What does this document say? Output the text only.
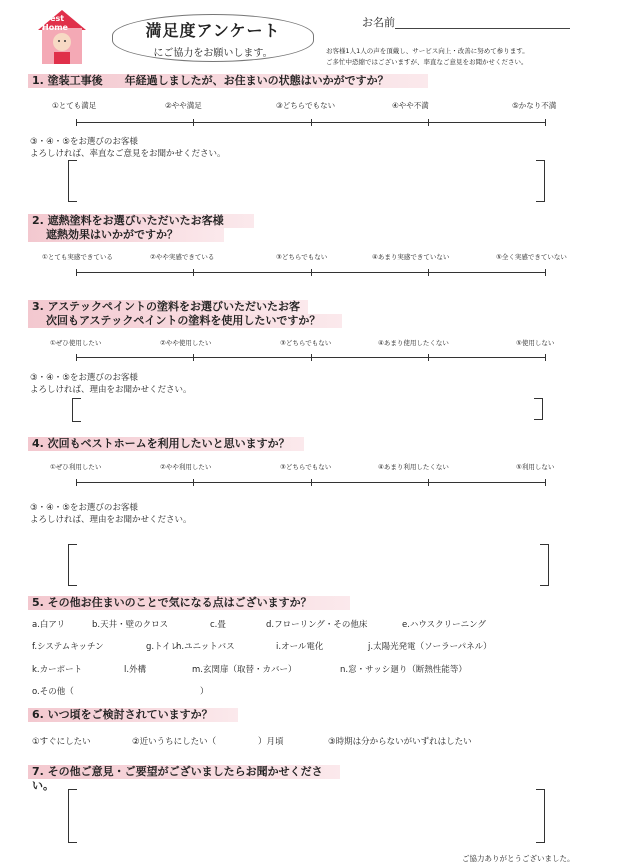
Best
Home	満足度アンケート
にご協力をお願いします。
お名前
お客様1人1人の声を頂戴し、サービス向上・改善に努めて参ります。
ご多忙中恐縮ではございますが、率直なご意見をお聞かせください。
1. 塗装工事後　　年経過しましたが、お住まいの状態はいかがですか？
①とても満足	②やや満足	③どちらでもない	④やや不満	⑤かなり不満
③・④・⑤をお選びのお客様
よろしければ、率直なご意見をお聞かせください。
2. 遮熱塗料をお選びいただいたお客様
遮熱効果はいかがですか？
①とても実感できている	②やや実感できている	③どちらでもない	④あまり実感できていない	⑤全く実感できていない
3. アステックペイントの塗料をお選びいただいたお客
次回もアステックペイントの塗料を使用したいですか？
①ぜひ使用したい	②やや使用したい	③どちらでもない	④あまり使用したくない	⑤使用しない
③・④・⑤をお選びのお客様
よろしければ、理由をお聞かせください。
4. 次回もベストホームを利用したいと思いますか？
①ぜひ利用したい	②やや利用したい	③どちらでもない	④あまり利用したくない	⑤利用しない
③・④・⑤をお選びのお客様
よろしければ、理由をお聞かせください。
5. その他お住まいのことで気になる点はございますか？
a.白アリ	b.天井・壁のクロス	c.畳	d.フローリング・その他床	e.ハウスクリーニング
f.システムキッチン	g.トイレ
h.ユニットバス	i.オール電化	j.太陽光発電（ソーラーパネル）
k.カーポート	l.外構	m.玄関扉（取替・カバー）	n.窓・サッシ廻り（断熱性能等）
o.その他（	）
6. いつ頃をご検討されていますか？
①すぐにしたい	②近いうちにしたい（	）月頃	③時期は分からないがいずれはしたい
7. その他ご意見・ご要望がございましたらお聞かせください。
ご協力ありがとうございました。
